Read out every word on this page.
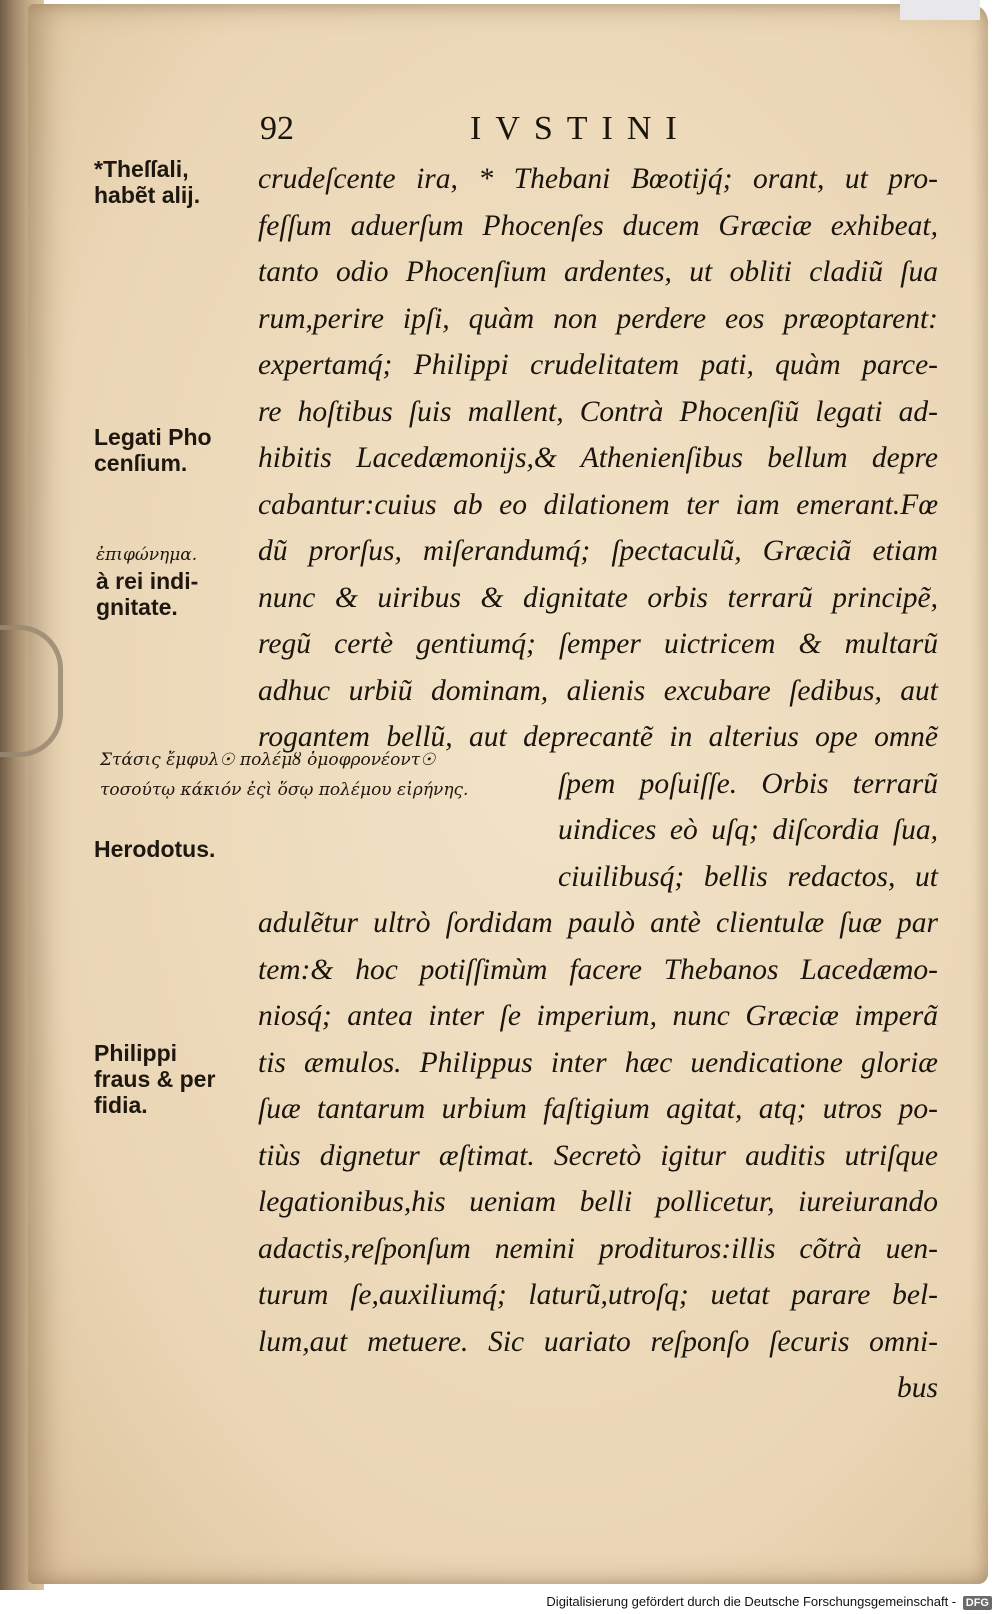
92	IVSTINI
crudeſcente ira, * Thebani Bœotijq́; orant, ut pro-
feſſum aduerſum Phocenſes ducem Græciæ exhibeat,
tanto odio Phocenſium ardentes, ut obliti cladiũ ſua
rum,perire ipſi, quàm non perdere eos præoptarent:
expertamq́; Philippi crudelitatem pati, quàm parce-
re hoſtibus ſuis mallent, Contrà Phocenſiũ legati ad-
hibitis Lacedæmonijs,& Athenienſibus bellum depre
cabantur:cuius ab eo dilationem ter iam emerant.Fœ
dũ prorſus, miſerandumq́; ſpectaculũ, Græciã etiam
nunc & uiribus & dignitate orbis terrarũ principẽ,
regũ certè gentiumq́; ſemper uictricem & multarũ
adhuc urbiũ dominam, alienis excubare ſedibus, aut
rogantem bellũ, aut deprecantẽ in alterius ope omnẽ
ſpem poſuiſſe. Orbis terrarũ
uindices eò uſq; diſcordia ſua,
ciuilibusq́; bellis redactos, ut
adulẽtur ultrò ſordidam paulò antè clientulæ ſuæ par
tem:& hoc potiſſimùm facere Thebanos Lacedæmo-
niosq́; antea inter ſe imperium, nunc Græciæ imperã
tis æmulos. Philippus inter hæc uendicatione gloriæ
ſuæ tantarum urbium faſtigium agitat, atq; utros po-
tiùs dignetur æſtimat. Secretò igitur auditis utriſque
legationibus,his ueniam belli pollicetur, iureiurando
adactis,reſponſum nemini prodituros:illis cõtrà uen-
turum ſe,auxiliumq́; laturũ,utroſq; uetat parare bel-
lum,aut metuere. Sic uariato reſponſo ſecuris omni-
bus
*Theſſali,
habẽt alij.
Legati Pho
cenſium.
ἐπιφώνημα.
à rei indi-
gnitate.
Στάσις ἔμφυλ☉ πολέμȣ ὁμοφρονέοντ☉
τοσούτῳ κάκιόν ἐςὶ ὅσῳ πολέμου εἰρήνης.
Herodotus.
Philippi
fraus & per
fidia.
Digitalisierung gefördert durch die Deutsche Forschungsgemeinschaft - DFG
